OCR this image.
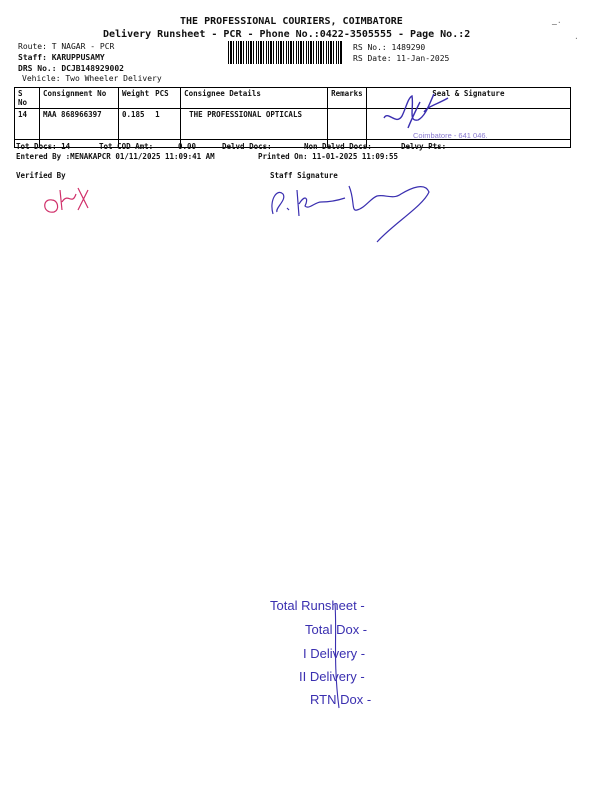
THE PROFESSIONAL COURIERS, COIMBATORE
Delivery Runsheet - PCR - Phone No.:0422-3505555 - Page No.:2
Route: T NAGAR - PCR
Staff: KARUPPUSAMY
DRS No.: DCJB148929002
Vehicle: Two Wheeler Delivery
RS No.: 1489290
RS Date: 11-Jan-2025
ـ·
·
S No	Consignment No	Weight	PCS	Consignee Details	Remarks	Seal & Signature
14	MAA 868966397	0.185	1	THE PROFESSIONAL OPTICALS		
Coimbatore - 641 046.
Tot Docs: 14	Tot COD Amt:	0.00	Delvd Docs:	Non Delvd Docs:	Delvy Pts:
Entered By :MENAKAPCR 01/11/2025 11:09:41 AM	Printed On: 11-01-2025 11:09:55
Verified By	Staff Signature
Total Runsheet -
Total Dox -
I Delivery -
II Delivery -
RTN Dox -
